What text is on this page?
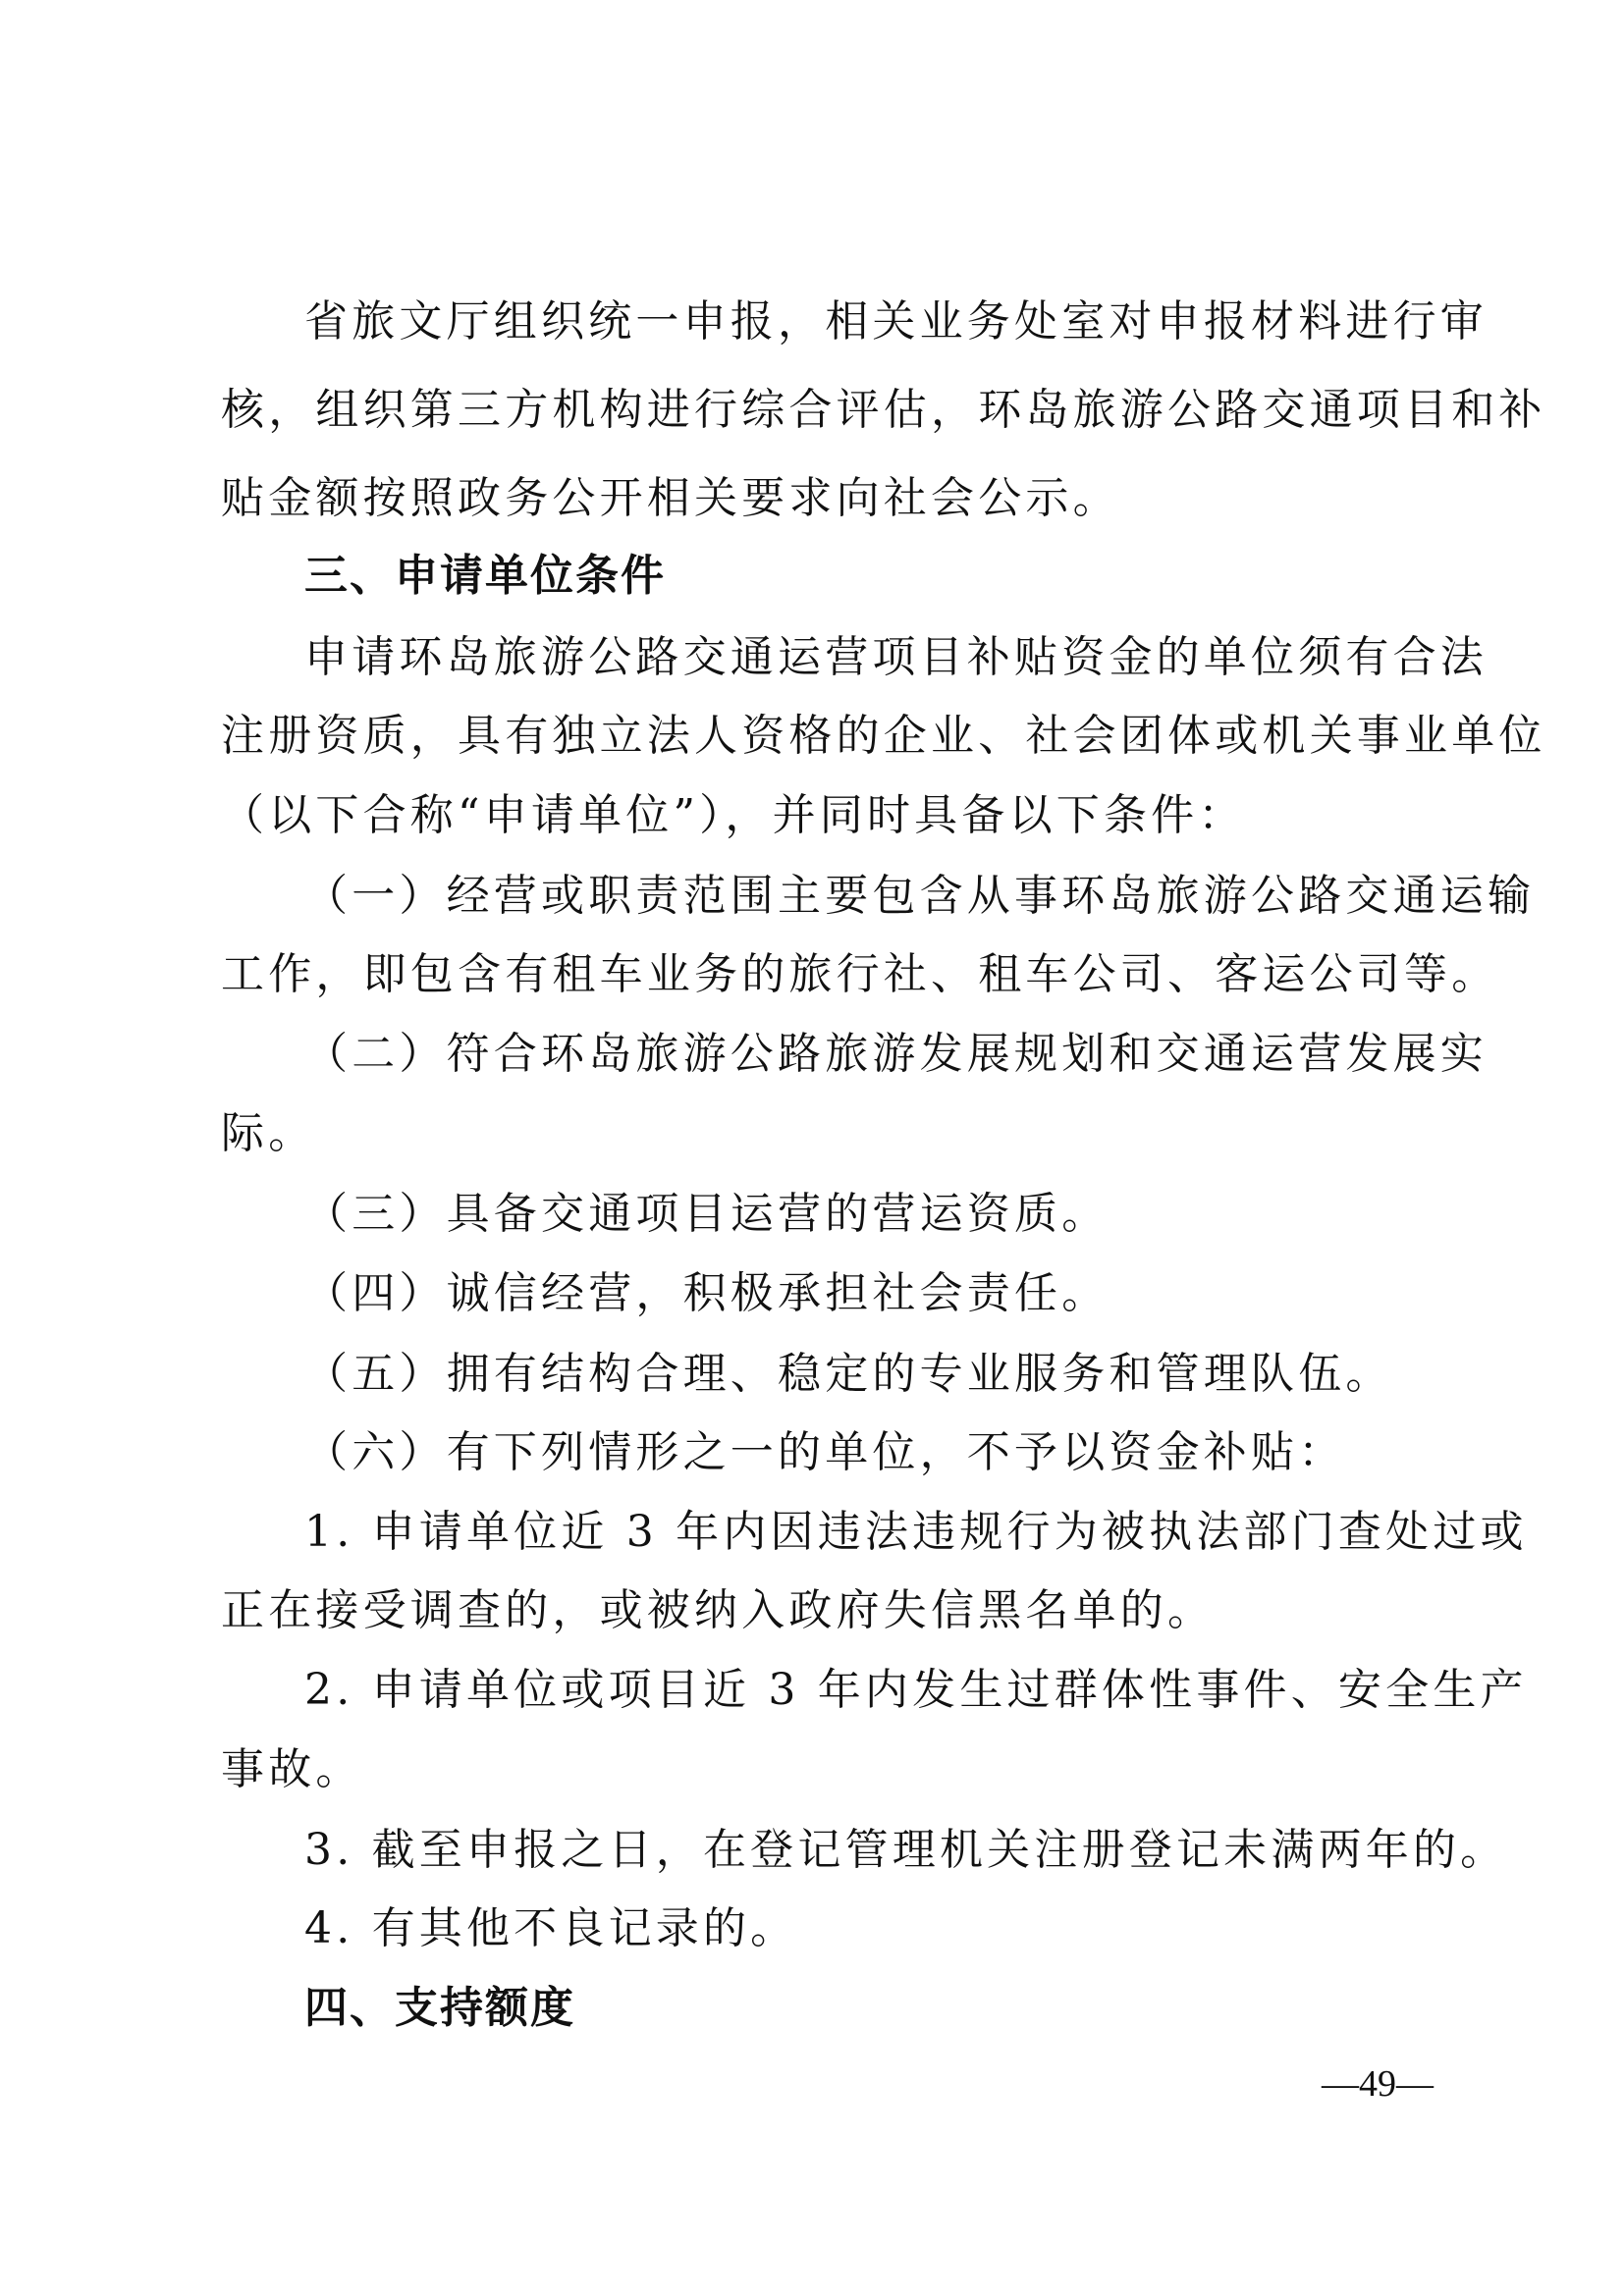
省旅文厅组织统一申报，相关业务处室对申报材料进行审
核，组织第三方机构进行综合评估，环岛旅游公路交通项目和补
贴金额按照政务公开相关要求向社会公示。
三、申请单位条件
申请环岛旅游公路交通运营项目补贴资金的单位须有合法
注册资质，具有独立法人资格的企业、社会团体或机关事业单位
（以下合称“申请单位”），并同时具备以下条件：
（一）经营或职责范围主要包含从事环岛旅游公路交通运输
工作，即包含有租车业务的旅行社、租车公司、客运公司等。
（二）符合环岛旅游公路旅游发展规划和交通运营发展实
际。
（三）具备交通项目运营的营运资质。
（四）诚信经营，积极承担社会责任。
（五）拥有结构合理、稳定的专业服务和管理队伍。
（六）有下列情形之一的单位，不予以资金补贴：
1. 申请单位近 3 年内因违法违规行为被执法部门查处过或
正在接受调查的，或被纳入政府失信黑名单的。
2. 申请单位或项目近 3 年内发生过群体性事件、安全生产
事故。
3. 截至申报之日，在登记管理机关注册登记未满两年的。
4. 有其他不良记录的。
四、支持额度
—49—
